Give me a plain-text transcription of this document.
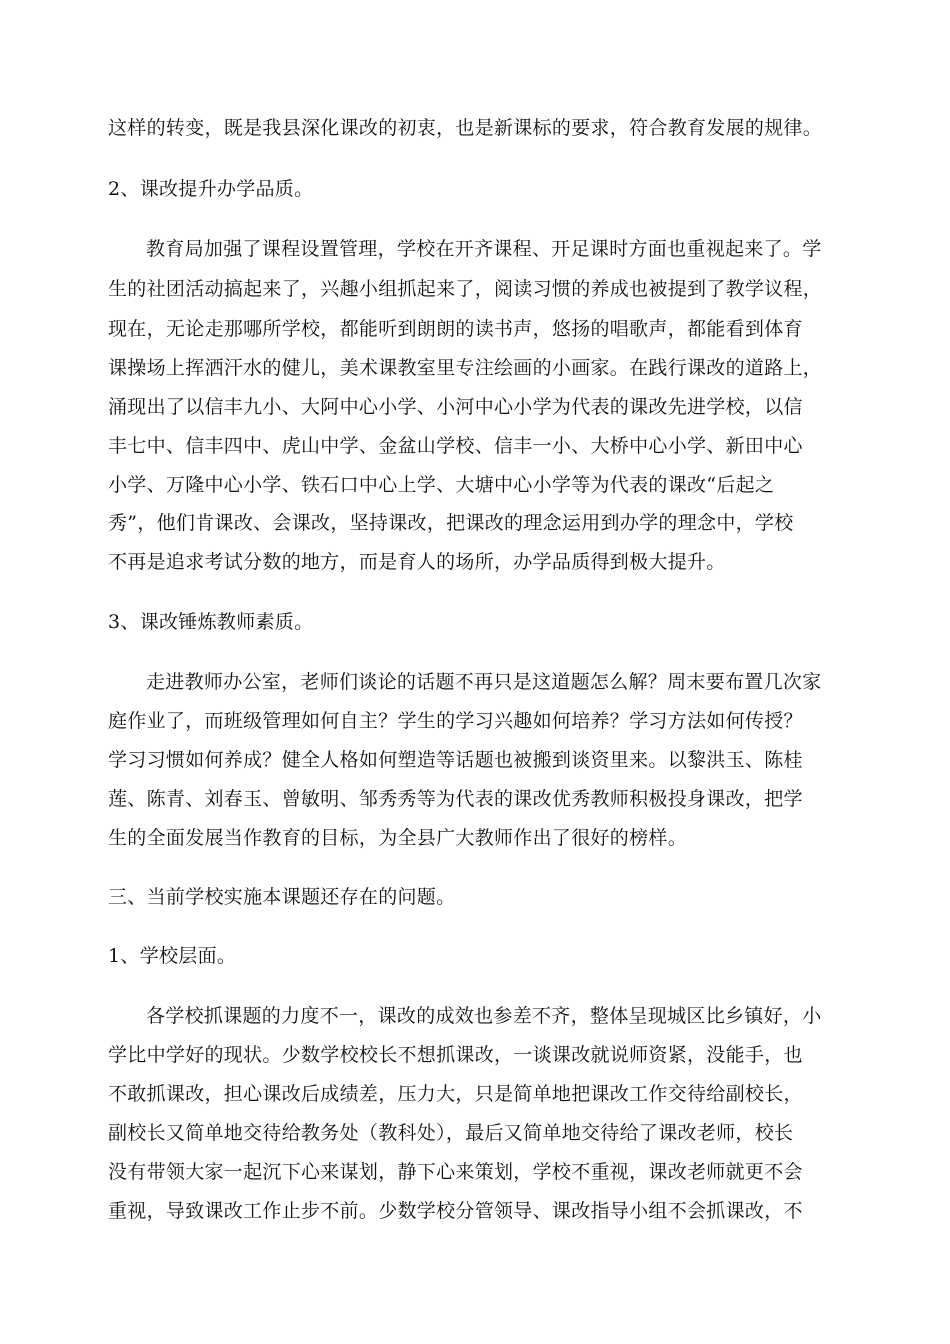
这样的转变，既是我县深化课改的初衷，也是新课标的要求，符合教育发展的规律。
2、课改提升办学品质。
教育局加强了课程设置管理，学校在开齐课程、开足课时方面也重视起来了。学
生的社团活动搞起来了，兴趣小组抓起来了，阅读习惯的养成也被提到了教学议程，
现在，无论走那哪所学校，都能听到朗朗的读书声，悠扬的唱歌声，都能看到体育
课操场上挥洒汗水的健儿，美术课教室里专注绘画的小画家。在践行课改的道路上，
涌现出了以信丰九小、大阿中心小学、小河中心小学为代表的课改先进学校，以信
丰七中、信丰四中、虎山中学、金盆山学校、信丰一小、大桥中心小学、新田中心
小学、万隆中心小学、铁石口中心上学、大塘中心小学等为代表的课改“后起之
秀”，他们肯课改、会课改，坚持课改，把课改的理念运用到办学的理念中，学校
不再是追求考试分数的地方，而是育人的场所，办学品质得到极大提升。
3、课改锤炼教师素质。
走进教师办公室，老师们谈论的话题不再只是这道题怎么解？周末要布置几次家
庭作业了，而班级管理如何自主？学生的学习兴趣如何培养？学习方法如何传授？
学习习惯如何养成？健全人格如何塑造等话题也被搬到谈资里来。以黎洪玉、陈桂
莲、陈青、刘春玉、曾敏明、邹秀秀等为代表的课改优秀教师积极投身课改，把学
生的全面发展当作教育的目标，为全县广大教师作出了很好的榜样。
三、当前学校实施本课题还存在的问题。
1、学校层面。
各学校抓课题的力度不一，课改的成效也参差不齐，整体呈现城区比乡镇好，小
学比中学好的现状。少数学校校长不想抓课改，一谈课改就说师资紧，没能手，也
不敢抓课改，担心课改后成绩差，压力大，只是简单地把课改工作交待给副校长，
副校长又简单地交待给教务处（教科处），最后又简单地交待给了课改老师，校长
没有带领大家一起沉下心来谋划，静下心来策划，学校不重视，课改老师就更不会
重视，导致课改工作止步不前。少数学校分管领导、课改指导小组不会抓课改，不
